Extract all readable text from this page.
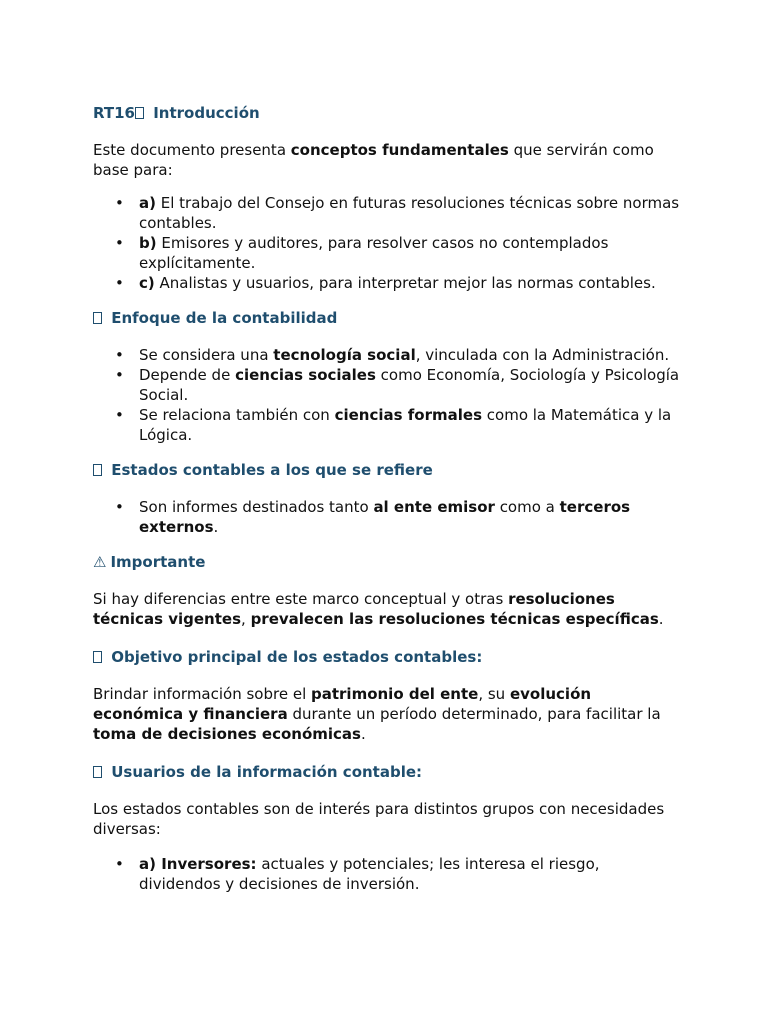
RT16 Introducción

Este documento presenta conceptos fundamentales que servirán como base para:

• a) El trabajo del Consejo en futuras resoluciones técnicas sobre normas contables.
• b) Emisores y auditores, para resolver casos no contemplados explícitamente.
• c) Analistas y usuarios, para interpretar mejor las normas contables.
Enfoque de la contabilidad
• Se considera una tecnología social, vinculada con la Administración.
• Depende de ciencias sociales como Economía, Sociología y Psicología Social.
• Se relaciona también con ciencias formales como la Matemática y la Lógica.
Estados contables a los que se refiere
• Son informes destinados tanto al ente emisor como a terceros externos.
⚠ Importante

Si hay diferencias entre este marco conceptual y otras resoluciones técnicas vigentes, prevalecen las resoluciones técnicas específicas.

Objetivo principal de los estados contables:

Brindar información sobre el patrimonio del ente, su evolución económica y financiera durante un período determinado, para facilitar la toma de decisiones económicas.

Usuarios de la información contable:

Los estados contables son de interés para distintos grupos con necesidades diversas:

• a) Inversores: actuales y potenciales; les interesa el riesgo, dividendos y decisiones de inversión.
